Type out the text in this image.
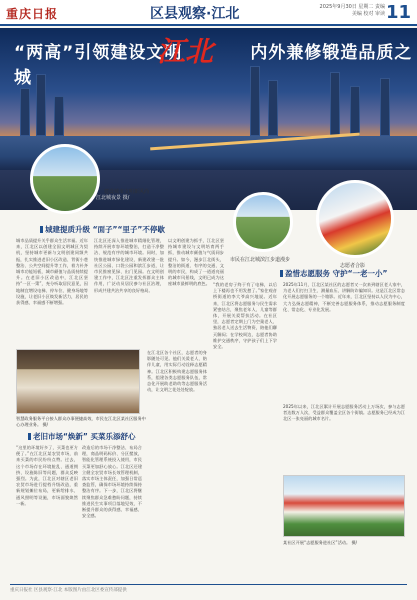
重庆日报	区县观察·江北	2025年9月30日 星期二 责编 美编 校对 审读 11
“两高”引领建设文明	内外兼修锻造品质之城
江北
江北城夜景 摄/
建设城市文明新风尚
市民在江北城滨江步道漫步
志愿者合影
城建提质升级 “面子”“里子”不停歇
盈惜志愿服务 守护“一老一小”
老旧市场“焕新” 买菜乐添舒心
城市品质提升关乎群众生活幸福。近年来，江北区以创建全国文明城区为契机，坚持城市更新与文明创建同频共振，扎实推进老旧小区改造、背街小巷整治、公共空间提升等工作，着力补齐城市功能短板，城市颜值与品质持续提升。在老旧小区改造中，江北区坚持“一区一策”，充分听取居民意见，因地制宜增设电梯、停车位、健身场地等设施，让老旧小区焕发新活力，居民的获得感、幸福感不断增强。
江北区还深入推进城市精细化管理，持续开展市容环境整治，打造干净整洁、规范有序的城市环境。同时，加快推进城市绿化建设，新建改建一批社区公园、口袋公园和滨江步道，让市民推窗见绿、出门见园。在文明创建工作中，江北区注重发挥群众主体作用，广泛动员居民参与社区治理，形成共建共治共享的良好格局。
以文明创建为抓手，江北区坚持城市建设与文明培育两手抓，推动城市颜值与气质同步提升。如今，漫步江北街头，整洁的街道、有序的交通、文明的市民，构成了一道道亮丽的城市风景线，文明已成为这座城市最鲜明的底色。
在江北区各个社区，志愿者的身影随处可见。他们关爱老人、陪伴儿童，用实际行动诠释志愿精神。江北区积极构建志愿服务体系，组建各类志愿服务队伍，常态化开展助老助幼等志愿服务活动，让文明之花处处绽放。
“我的老房子终于有了电梯，以后上下楼再也不用发愁了。”家住观音桥街道的李大爷高兴地说。近年来，江北区将志愿服务与民生需求紧密结合，聚焦老年人、儿童等群体，开展关爱帮扶活动。在社区里，志愿者定期上门为空巢老人、独居老人送去生活物资，陪他们聊天解闷；在学校周边，志愿者协助维护交通秩序，守护孩子们上下学安全。
2025年11月，江北区某社区的志愿者又一次来到辖区老人家中，为老人们打扫卫生、测量血压、讲解防诈骗知识。这是江北区常态化开展志愿服务的一个缩影。近年来，江北区坚持以人民为中心，大力弘扬志愿精神，不断完善志愿服务体系，推动志愿服务制度化、常态化、专业化发展。
2025年以来，江北区累计开展志愿服务活动上万场次，参与志愿者达数万人次，受益群众覆盖全区各个街镇。志愿服务已经成为江北区一张亮丽的城市名片。
“这里的环境好多了，买菜也更方便了。”在江北区某农贸市场，前来买菜的市民纷纷点赞。过去，这个市场存在环境脏乱、通道拥挤、设施陈旧等问题，群众反映强烈。为此，江北区对辖区老旧农贸市场进行提档升级改造，重新规划摊位布局，更新给排水、通风照明等设施，市场面貌焕然一新。
改造后的市场干净整洁、布局合理，商品明码标价、分区摆放，智能化管理系统投入使用，市民买菜更加舒心放心。江北区还建立健全农贸市场长效管理机制，落实市场主体责任，加强日常巡查监管，确保市场环境持续保持整洁有序。下一步，江北区将继续聚焦群众急难愁盼问题，持续推进民生实事项目落地见效，不断提升群众的获得感、幸福感、安全感。
智慧政务服务平台接人群众办事便捷高效，市民在江北区某社区服务中心办理业务。 摄/
某社区开展“志愿服务进社区”活动。 摄/
重庆日报社 区县观察·江北 本版图片由江北区委宣传部提供
